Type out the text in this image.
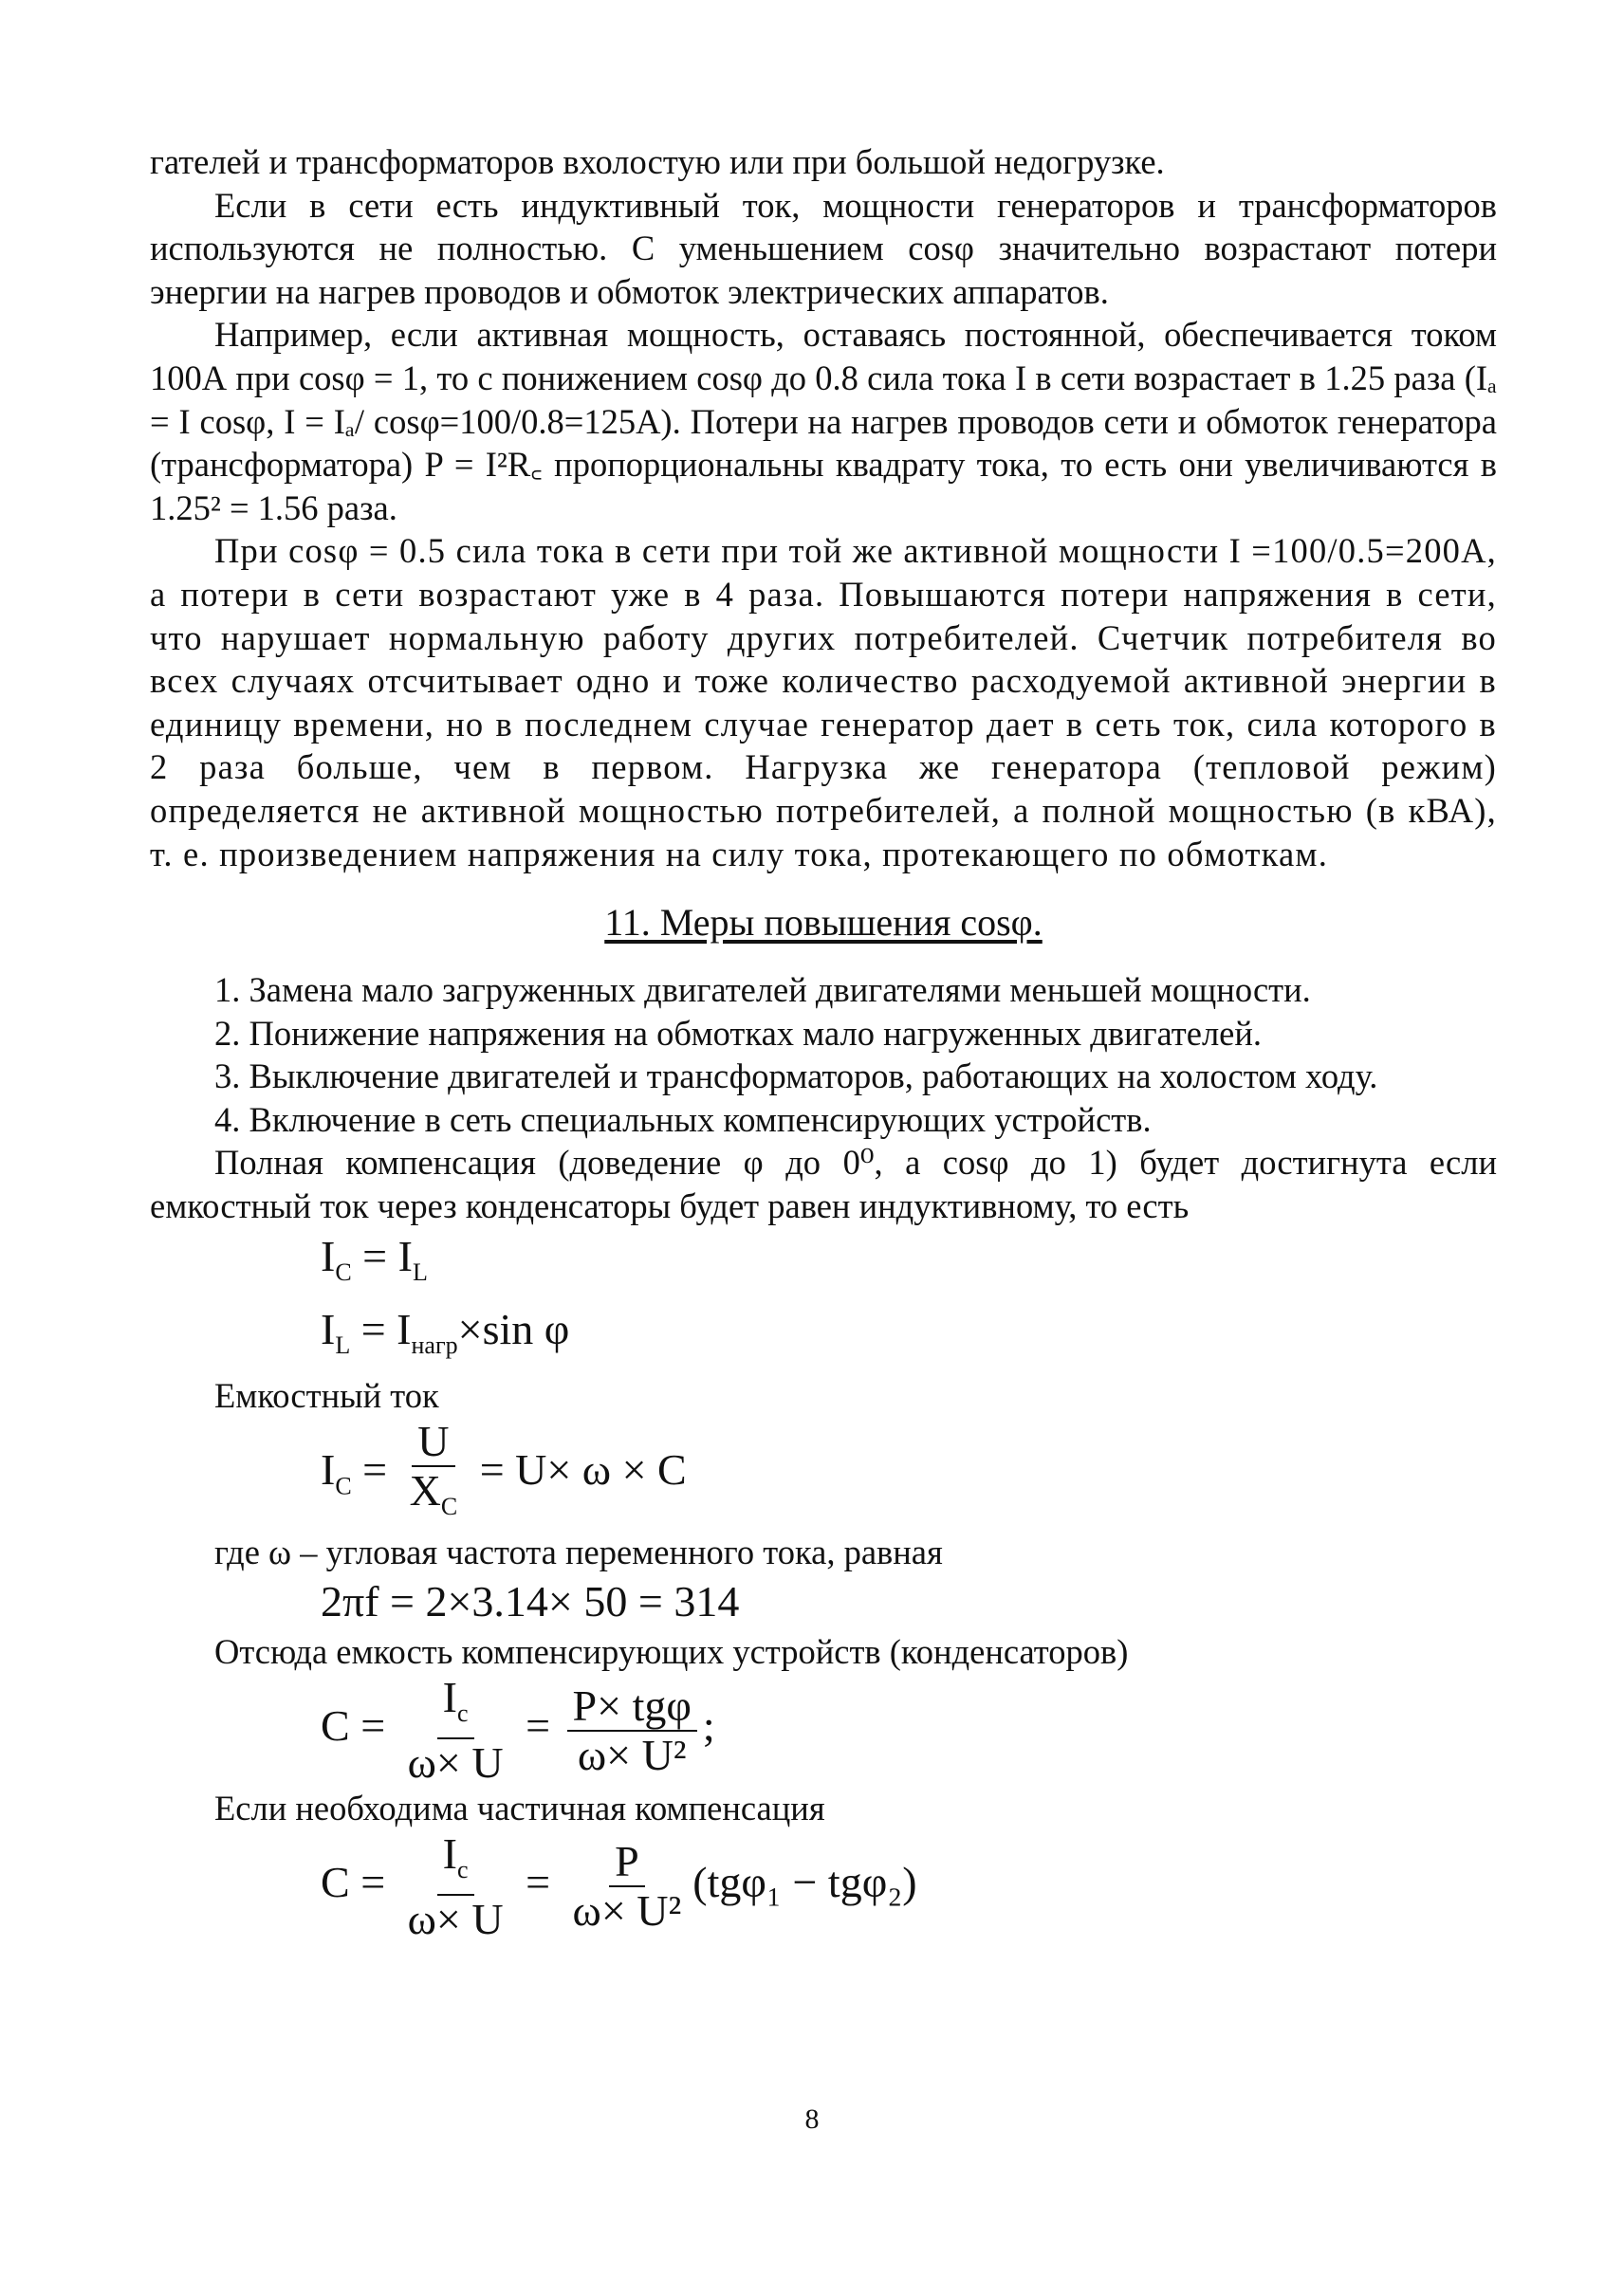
гателей и трансформаторов вхолостую или при большой недогрузке.

Если в сети есть индуктивный ток, мощности генераторов и трансформаторов используются не полностью. С уменьшением cosφ значительно возрастают потери энергии на нагрев проводов и обмоток электрических аппаратов.

Например, если активная мощность, оставаясь постоянной, обеспечивается током 100А при cosφ = 1, то с понижением cosφ до 0.8 сила тока I в сети возрастает в 1.25 раза (Iₐ = I cosφ, I = Iₐ/ cosφ=100/0.8=125А). Потери на нагрев проводов сети и обмоток генератора (трансформатора) P = I²R꜀ пропорциональны квадрату тока, то есть они увеличиваются в 1.25² = 1.56 раза.

При cosφ = 0.5 сила тока в сети при той же активной мощности I =100/0.5=200А, а потери в сети возрастают уже в 4 раза. Повышаются потери напряжения в сети, что нарушает нормальную работу других потребителей. Счетчик потребителя во всех случаях отсчитывает одно и тоже количество расходуемой активной энергии в единицу времени, но в последнем случае генератор дает в сеть ток, сила которого в 2 раза больше, чем в первом. Нагрузка же генератора (тепловой режим) определяется не активной мощностью потребителей, а полной мощностью (в кВА), т. е. произведением напряжения на силу тока, протекающего по обмоткам.

11. Меры повышения cosφ.

1. Замена мало загруженных двигателей двигателями меньшей мощности.

2. Понижение напряжения на обмотках мало нагруженных двигателей.

3. Выключение двигателей и трансформаторов, работающих на холостом ходу.

4. Включение в сеть специальных компенсирующих устройств.

Полная компенсация (доведение φ до 0⁰, а cosφ до 1) будет достигнута если емкостный ток через конденсаторы будет равен индуктивному, то есть

$I_C = I_L$
$I_L = I_{нагр}\times\sin$ φ

Емкостный ток

$I_C = \frac{U}{X_C} = U\times \omega \times C$

где ω – угловая частота переменного тока, равная

2πf = 2×3.14× 50 = 314

Отсюда емкость компенсирующих устройств (конденсаторов)

$C = \frac{I_c}{\omega\times U} = \frac{\text{P× tgφ}}{\text{ω× U²}}$ ;

Если необходима частичная компенсация

$C = \frac{I_c}{\omega\times U} = \frac{P}{\text{ω× U²}} (tg\varphi_1 - tg\varphi_2)$
8
